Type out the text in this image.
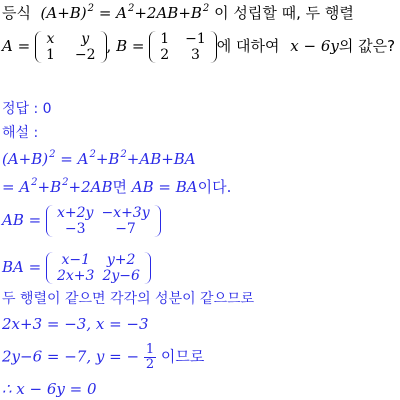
등식  $(A+B)^2 = A^2+2AB+B^2$ 이 성립할 때, 두 행렬
A = x	y
1	−2 , B = 1	−1
2	3 에 대하여 x − 6y의 값은?
정답 : 0
해설 :
$(A+B)^2 = A^2+B^2+AB+BA$
= $A^2+B^2+2AB$면 AB = BA이다.
AB = x+2y	−x+3y
−3	−7
BA = x−1	y+2
2x+3	2y−6
두 행렬이 같으면 각각의 성분이 같으므로
2x+3 = −3, x = −3
2y−6 = −7, y = − $\frac{1}{2}$ 이므로
∴ x − 6y = 0
